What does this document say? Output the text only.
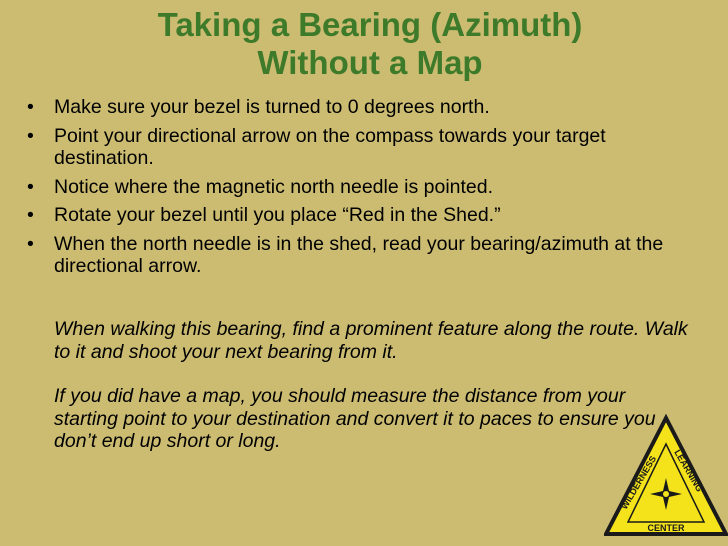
Taking a Bearing (Azimuth)
Without a Map
• Make sure your bezel is turned to 0 degrees north.
• Point your directional arrow on the compass towards your target destination.
• Notice where the magnetic north needle is pointed.
• Rotate your bezel until you place “Red in the Shed.”
• When the north needle is in the shed, read your bearing/azimuth at the directional arrow.

When walking this bearing, find a prominent feature along the route. Walk to it and shoot your next bearing from it.

If you did have a map, you should measure the distance from your starting point to your destination and convert it to paces to ensure you don’t end up short or long.

WILDERNESS
LEARNING
CENTER
